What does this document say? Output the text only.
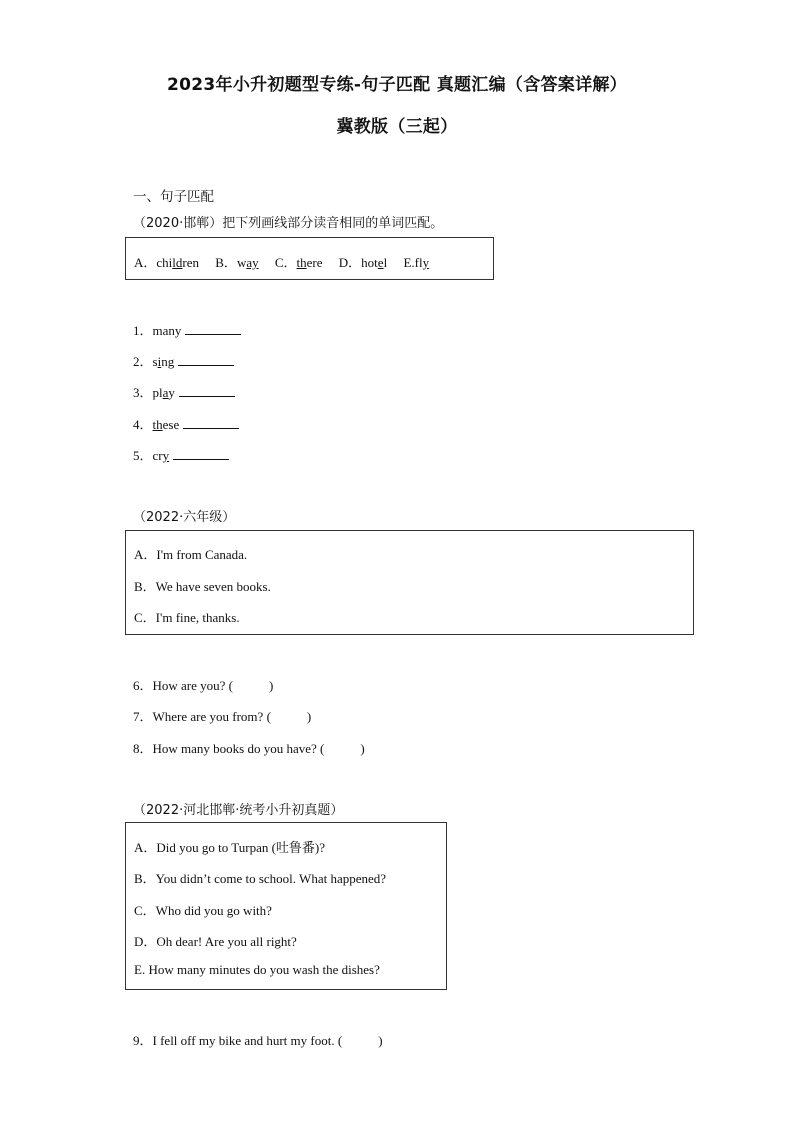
2023年小升初题型专练-句子匹配 真题汇编（含答案详解）
冀教版（三起）
一、句子匹配
（2020·邯郸）把下列画线部分读音相同的单词匹配。
A．children B．way C．there D．hotel E.fly
1．many
2．sing
3．play
4．these
5．cry
（2022·六年级）
A．I'm from Canada.
B．We have seven books.
C．I'm fine, thanks.
6．How are you? (	)
7．Where are you from? (	)
8．How many books do you have? (	)
（2022·河北邯郸·统考小升初真题）
A．Did you go to Turpan (吐鲁番)?
B．You didn’t come to school. What happened?
C．Who did you go with?
D．Oh dear! Are you all right?
E. How many minutes do you wash the dishes?
9．I fell off my bike and hurt my foot. (	)
